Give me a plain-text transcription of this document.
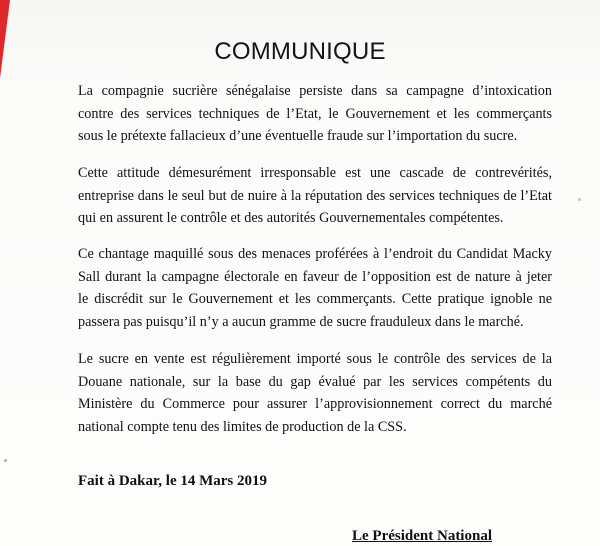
COMMUNIQUE
La compagnie sucrière sénégalaise persiste dans sa campagne d’intoxication
contre des services techniques de l’Etat, le Gouvernement et les commerçants
sous le prétexte fallacieux d’une éventuelle fraude sur l’importation du sucre.
Cette attitude démesurément irresponsable est une cascade de contrevérités,
entreprise dans le seul but de nuire à la réputation des services techniques de l’Etat
qui en assurent le contrôle et des autorités Gouvernementales compétentes.
Ce chantage maquillé sous des menaces proférées à l’endroit du Candidat Macky
Sall durant la campagne électorale en faveur de l’opposition est de nature à jeter
le discrédit sur le Gouvernement et les commerçants. Cette pratique ignoble ne
passera pas puisqu’il n’y a aucun gramme de sucre frauduleux dans le marché.
Le sucre en vente est régulièrement importé sous le contrôle des services de la
Douane nationale, sur la base du gap évalué par les services compétents du
Ministère du Commerce pour assurer l’approvisionnement correct du marché
national compte tenu des limites de production de la CSS.
Fait à Dakar, le 14 Mars 2019
Le Président National
